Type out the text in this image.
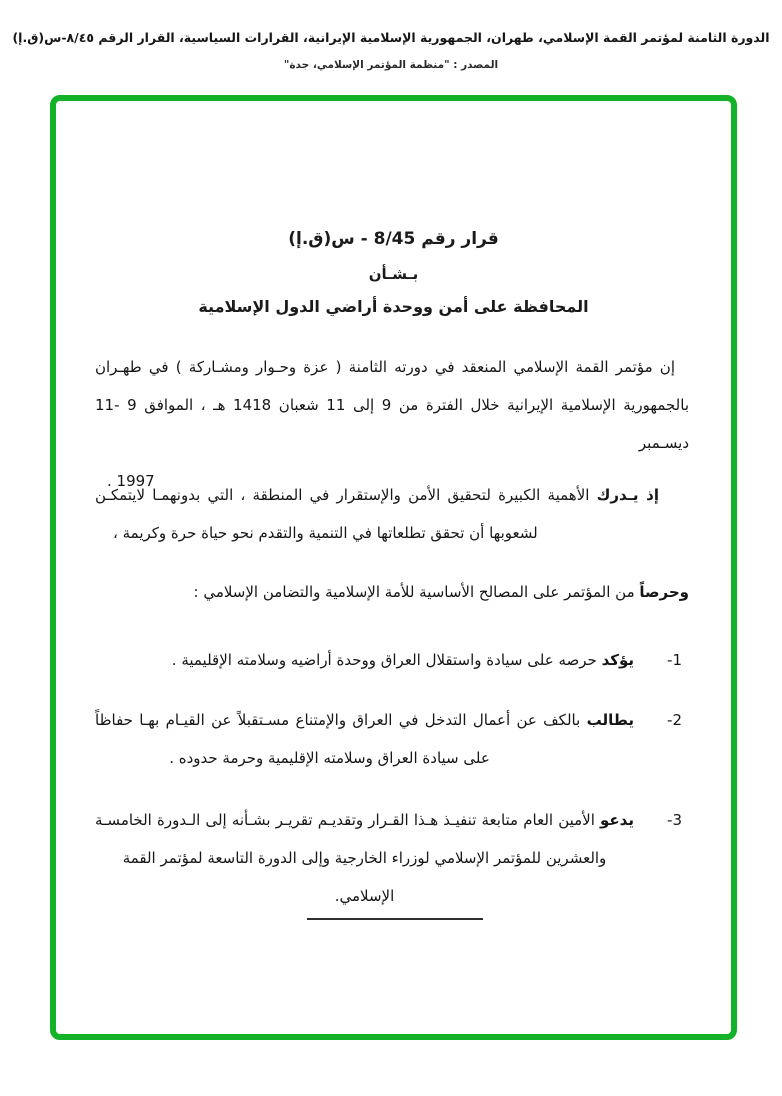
الدورة الثامنة لمؤتمر القمة الإسلامي، طهران، الجمهورية الإسلامية الإيرانية، القرارات السياسية، القرار الرقم ٨/٤٥-س(ق.إ)
المصدر : "منظمة المؤتمر الإسلامي، جدة"
قرار رقم 8/45 - س(ق.إ)
بـشـأن
المحافظة على أمن ووحدة أراضي الدول الإسلامية
إن مؤتمر القمة الإسلامي المنعقد في دورته الثامنة ( عزة وحـوار ومشـاركة ) في طهـران
بالجمهورية الإسلامية الإيرانية خلال الفترة من 9 إلى 11 شعبان 1418 هـ ، الموافق 9 -11 ديسـمبر
1997 .
إذ يـدرك الأهمية الكبيرة لتحقيق الأمن والإستقرار في المنطقة ، التي بدونهمـا لايتمكـن
لشعوبها أن تحقق تطلعاتها في التنمية والتقدم نحو حياة حرة وكريمة ،
وحرصاً من المؤتمر على المصالح الأساسية للأمة الإسلامية والتضامن الإسلامي :
1-
يؤكد حرصه على سيادة واستقلال العراق ووحدة أراضيه وسلامته الإقليمية .
2-
يطالب بالكف عن أعمال التدخل في العراق والإمتناع مسـتقبلاً عن القيـام بهـا حفاظاً
على سيادة العراق وسلامته الإقليمية وحرمة حدوده .
3-
يدعو الأمين العام متابعة تنفيـذ هـذا القـرار وتقديـم تقريـر بشـأنه إلى الـدورة الخامسـة
والعشرين للمؤتمر الإسلامي لوزراء الخارجية وإلى الدورة التاسعة لمؤتمر القمة الإسلامي.
